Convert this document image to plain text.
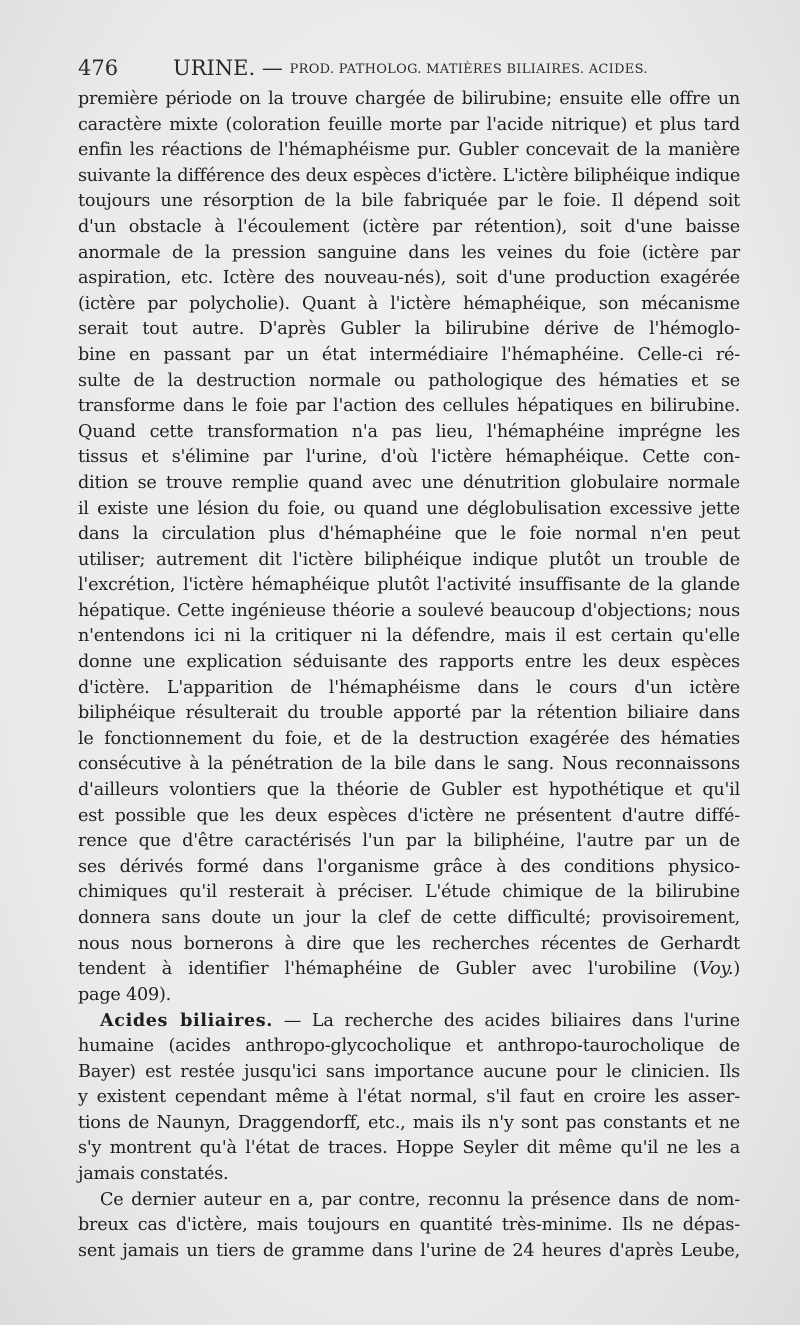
476	URINE. — PROD. PATHOLOG. MATIÈRES BILIAIRES. ACIDES.

première période on la trouve chargée de bilirubine; ensuite elle offre un
caractère mixte (coloration feuille morte par l'acide nitrique) et plus tard
enfin les réactions de l'hémaphéisme pur. Gubler concevait de la manière
suivante la différence des deux espèces d'ictère. L'ictère biliphéique indique
toujours une résorption de la bile fabriquée par le foie. Il dépend soit
d'un obstacle à l'écoulement (ictère par rétention), soit d'une baisse
anormale de la pression sanguine dans les veines du foie (ictère par
aspiration, etc. Ictère des nouveau-nés), soit d'une production exagérée
(ictère par polycholie). Quant à l'ictère hémaphéique, son mécanisme
serait tout autre. D'après Gubler la bilirubine dérive de l'hémoglo-
bine en passant par un état intermédiaire l'hémaphéine. Celle-ci ré-
sulte de la destruction normale ou pathologique des hématies et se
transforme dans le foie par l'action des cellules hépatiques en bilirubine.
Quand cette transformation n'a pas lieu, l'hémaphéine imprégne les
tissus et s'élimine par l'urine, d'où l'ictère hémaphéique. Cette con-
dition se trouve remplie quand avec une dénutrition globulaire normale
il existe une lésion du foie, ou quand une déglobulisation excessive jette
dans la circulation plus d'hémaphéine que le foie normal n'en peut
utiliser; autrement dit l'ictère biliphéique indique plutôt un trouble de
l'excrétion, l'ictère hémaphéique plutôt l'activité insuffisante de la glande
hépatique. Cette ingénieuse théorie a soulevé beaucoup d'objections; nous
n'entendons ici ni la critiquer ni la défendre, mais il est certain qu'elle
donne une explication séduisante des rapports entre les deux espèces
d'ictère. L'apparition de l'hémaphéisme dans le cours d'un ictère
biliphéique résulterait du trouble apporté par la rétention biliaire dans
le fonctionnement du foie, et de la destruction exagérée des hématies
consécutive à la pénétration de la bile dans le sang. Nous reconnaissons
d'ailleurs volontiers que la théorie de Gubler est hypothétique et qu'il
est possible que les deux espèces d'ictère ne présentent d'autre diffé-
rence que d'être caractérisés l'un par la biliphéine, l'autre par un de
ses dérivés formé dans l'organisme grâce à des conditions physico-
chimiques qu'il resterait à préciser. L'étude chimique de la bilirubine
donnera sans doute un jour la clef de cette difficulté; provisoirement,
nous nous bornerons à dire que les recherches récentes de Gerhardt
tendent à identifier l'hémaphéine de Gubler avec l'urobiline (Voy.)
page 409).

Acides biliaires. — La recherche des acides biliaires dans l'urine
humaine (acides anthropo-glycocholique et anthropo-taurocholique de
Bayer) est restée jusqu'ici sans importance aucune pour le clinicien. Ils
y existent cependant même à l'état normal, s'il faut en croire les asser-
tions de Naunyn, Draggendorff, etc., mais ils n'y sont pas constants et ne
s'y montrent qu'à l'état de traces. Hoppe Seyler dit même qu'il ne les a
jamais constatés.

Ce dernier auteur en a, par contre, reconnu la présence dans de nom-
breux cas d'ictère, mais toujours en quantité très-minime. Ils ne dépas-
sent jamais un tiers de gramme dans l'urine de 24 heures d'après Leube,
